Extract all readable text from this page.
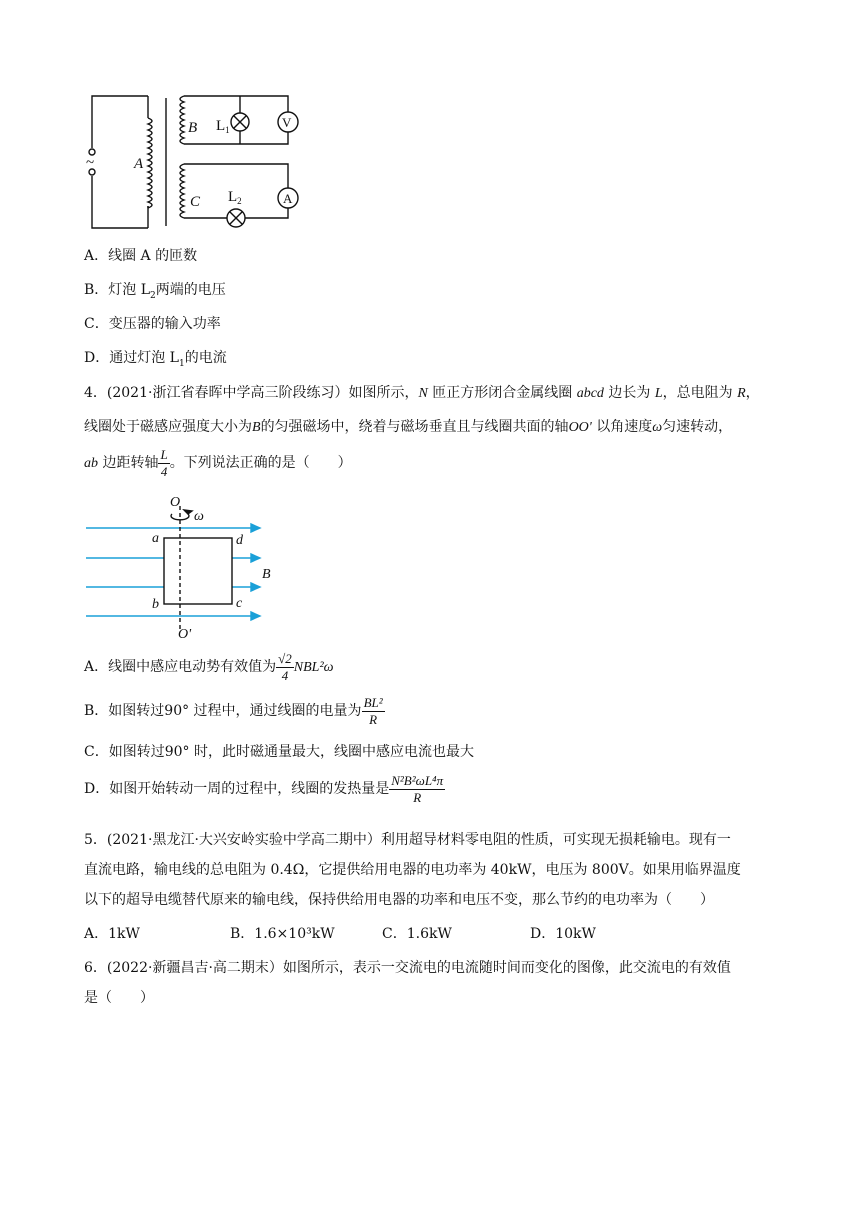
A
B
C
~
$L_1$
$L_2$
V
A
A．线圈 A 的匝数
B．灯泡 $L_2$两端的电压
C．变压器的输入功率
D．通过灯泡 $L_1$的电流
4．(2021·浙江省春晖中学高三阶段练习）如图所示，N 匝正方形闭合金属线圈 abcd 边长为 L，总电阻为 R，
线圈处于磁感应强度大小为B的匀强磁场中，绕着与磁场垂直且与线圈共面的轴OO' 以角速度ω匀速转动，
ab 边距转轴 $\frac{L}{4}$ 。下列说法正确的是（　　）
O
ω
a	d
b	c
B
O'
A．线圈中感应电动势有效值为 $\frac{√2}{4} NBL^2\omega$
B．如图转过90° 过程中，通过线圈的电量为 $\frac{\text{BL²}}{R}$
C．如图转过90° 时，此时磁通量最大，线圈中感应电流也最大
D．如图开始转动一周的过程中，线圈的发热量是 $\frac{\text{N²B²ωL⁴π}}{R}$
5．(2021·黑龙江·大兴安岭实验中学高二期中）利用超导材料零电阻的性质，可实现无损耗输电。现有一
直流电路，输电线的总电阻为 0.4Ω，它提供给用电器的电功率为 40kW，电压为 800V。如果用临界温度
以下的超导电缆替代原来的输电线，保持供给用电器的功率和电压不变，那么节约的电功率为（　　）
A．1kW	B．1.6×10³kW	C．1.6kW	D．10kW
6．(2022·新疆昌吉·高二期末）如图所示，表示一交流电的电流随时间而变化的图像，此交流电的有效值
是（　　）
